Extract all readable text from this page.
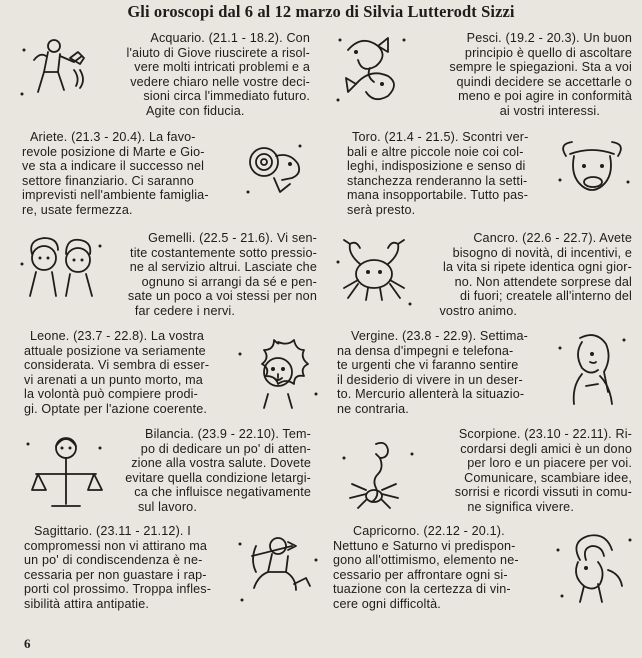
Gli oroscopi dal 6 al 12 marzo di Silvia Lutterodt Sizzi
Acquario. (21.1 - 18.2). Con
l'aiuto di Giove riuscirete a risol-
vere molti intricati problemi e a
vedere chiaro nelle vostre deci-
sioni circa l'immediato futuro.
Agite con fiducia.
Pesci. (19.2 - 20.3). Un buon
principio è quello di ascoltare
sempre le spiegazioni. Sta a voi
quindi decidere se accettarle o
meno e poi agire in conformità
ai vostri interessi.
Ariete. (21.3 - 20.4). La favo-
revole posizione di Marte e Gio-
ve sta a indicare il successo nel
settore finanziario. Ci saranno
imprevisti nell'ambiente famiglia-
re, usate fermezza.
Toro. (21.4 - 21.5). Scontri ver-
bali e altre piccole noie coi col-
leghi, indisposizione e senso di
stanchezza renderanno la setti-
mana insopportabile. Tutto pas-
serà presto.
Gemelli. (22.5 - 21.6). Vi sen-
tite costantemente sotto pressio-
ne al servizio altrui. Lasciate che
ognuno si arrangi da sé e pen-
sate un poco a voi stessi per non
far cedere i nervi.
Cancro. (22.6 - 22.7). Avete
bisogno di novità, di incentivi, e
la vita si ripete identica ogni gior-
no. Non attendete sorprese dal
di fuori; createle all'interno del
vostro animo.
Leone. (23.7 - 22.8). La vostra
attuale posizione va seriamente
considerata. Vi sembra di esser-
vi arenati a un punto morto, ma
la volontà può compiere prodi-
gi. Optate per l'azione coerente.
Vergine. (23.8 - 22.9). Settima-
na densa d'impegni e telefona-
te urgenti che vi faranno sentire
il desiderio di vivere in un deser-
to. Mercurio allenterà la situazio-
ne contraria.
Bilancia. (23.9 - 22.10). Tem-
po di dedicare un po' di atten-
zione alla vostra salute. Dovete
evitare quella condizione letargi-
ca che influisce negativamente
sul lavoro.
Scorpione. (23.10 - 22.11). Ri-
cordarsi degli amici è un dono
per loro e un piacere per voi.
Comunicare, scambiare idee,
sorrisi e ricordi vissuti in comu-
ne significa vivere.
Sagittario. (23.11 - 21.12). I
compromessi non vi attirano ma
un po' di condiscendenza è ne-
cessaria per non guastare i rap-
porti col prossimo. Troppa infles-
sibilità attira antipatie.
Capricorno. (22.12 - 20.1).
Nettuno e Saturno vi predispon-
gono all'ottimismo, elemento ne-
cessario per affrontare ogni si-
tuazione con la certezza di vin-
cere ogni difficoltà.
6
